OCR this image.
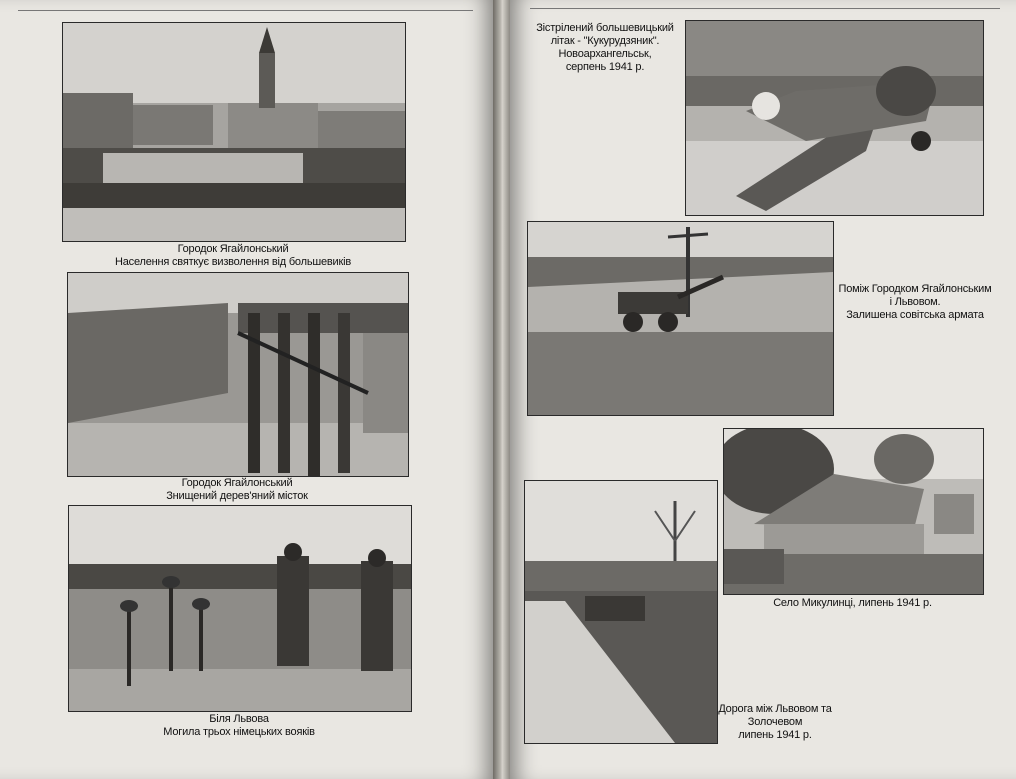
Городок Ягайлонський
Населення святкує визволення від большевиків
Городок Ягайлонський
Знищений дерев'яний місток
Біля Львова
Могила трьох німецьких вояків
Зістрілений большевицький
літак - "Кукурудзяник".
Новоархангельськ,
серпень 1941 р.
Поміж Городком Ягайлонським
і Львовом.
Залишена совітська армата
Село Микулинці, липень 1941 р.
Дорога між Львовом та
Золочевом
липень 1941 р.
